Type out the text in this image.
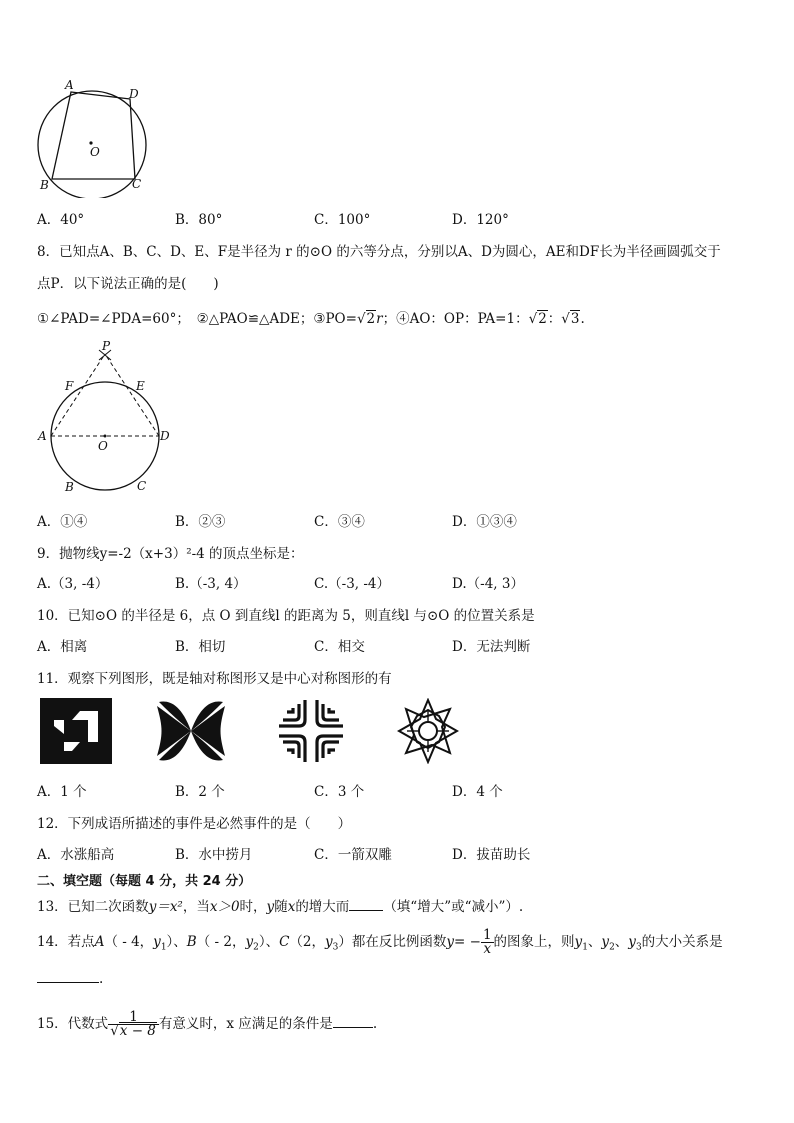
A
D
O
B	C
A．40°	B．80°	C．100°	D．120°
8．已知点A、B、C、D、E、F是半径为 r 的⊙O 的六等分点，分别以A、D为圆心，AE和DF长为半径画圆弧交于
点P．以下说法正确的是(　　)
①∠PAD=∠PDA=60°；　②△PAO≌△ADE；③PO=√2r；④AO：OP：PA=1：√2：√3.
P
F	E
A
O
D
B	C
A．①④	B．②③	C．③④	D．①③④
9．抛物线y=-2（x+3）²-4 的顶点坐标是：
A.（3, -4）	B.（-3, 4）	C.（-3, -4）	D.（-4, 3）
10．已知⊙O 的半径是 6，点 O 到直线l 的距离为 5，则直线l 与⊙O 的位置关系是
A．相离	B．相切	C．相交	D．无法判断
11．观察下列图形，既是轴对称图形又是中心对称图形的有
A．1 个	B．2 个	C．3 个	D．4 个
12．下列成语所描述的事件是必然事件的是（　　）
A．水涨船高	B．水中捞月	C．一箭双雕	D．拔苗助长
二、填空题（每题 4 分，共 24 分）
13．已知二次函数y＝x²，当x＞0时，y随x的增大而	（填“增大”或“减小”）.
14．若点A（ - 4，$y_1$）、B（ - 2，$y_2$）、C（2，$y_3$）都在反比例函数$y= - \frac{1}{x}$ 的图象上，则$y_1$、$y_2$、$y_3$的大小关系是
.
15．代数式 $\frac{1}{√x - 8}$ 有意义时，x 应满足的条件是	.
